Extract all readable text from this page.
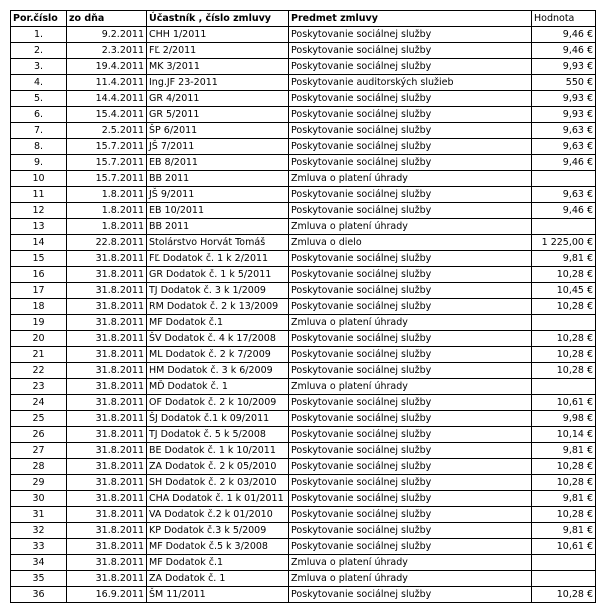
Por.číslo	zo dňa	Účastník , číslo zmluvy	Predmet zmluvy	Hodnota
1.	9.2.2011	CHH 1/2011	Poskytovanie sociálnej služby	9,46 €
2.	2.3.2011	FĽ 2/2011	Poskytovanie sociálnej služby	9,46 €
3.	19.4.2011	MK 3/2011	Poskytovanie sociálnej služby	9,93 €
4.	11.4.2011	Ing.JF 23-2011	Poskytovanie auditorských služieb	550 €
5.	14.4.2011	GR 4/2011	Poskytovanie sociálnej služby	9,93 €
6.	15.4.2011	GR 5/2011	Poskytovanie sociálnej služby	9,93 €
7.	2.5.2011	ŠP 6/2011	Poskytovanie sociálnej služby	9,63 €
8.	15.7.2011	JŠ 7/2011	Poskytovanie sociálnej služby	9,63 €
9.	15.7.2011	EB 8/2011	Poskytovanie sociálnej služby	9,46 €
10	15.7.2011	BB 2011	Zmluva o platení úhrady	
11	1.8.2011	JŠ 9/2011	Poskytovanie sociálnej služby	9,63 €
12	1.8.2011	EB 10/2011	Poskytovanie sociálnej služby	9,46 €
13	1.8.2011	BB 2011	Zmluva o platení úhrady	
14	22.8.2011	Stolárstvo Horvát Tomáš	Zmluva o dielo	1 225,00 €
15	31.8.2011	FĽ Dodatok č. 1 k 2/2011	Poskytovanie sociálnej služby	9,81 €
16	31.8.2011	GR Dodatok č. 1 k 5/2011	Poskytovanie sociálnej služby	10,28 €
17	31.8.2011	TJ Dodatok č. 3 k 1/2009	Poskytovanie sociálnej služby	10,45 €
18	31.8.2011	RM Dodatok č. 2 k 13/2009	Poskytovanie sociálnej služby	10,28 €
19	31.8.2011	MF Dodatok č.1	Zmluva o platení úhrady	
20	31.8.2011	ŠV Dodatok č. 4 k 17/2008	Poskytovanie sociálnej služby	10,28 €
21	31.8.2011	ML Dodatok č. 2 k 7/2009	Poskytovanie sociálnej služby	10,28 €
22	31.8.2011	HM Dodatok č. 3 k 6/2009	Poskytovanie sociálnej služby	10,28 €
23	31.8.2011	MĎ Dodatok č. 1	Zmluva o platení úhrady	
24	31.8.2011	OF Dodatok č. 2 k 10/2009	Poskytovanie sociálnej služby	10,61 €
25	31.8.2011	ŠJ Dodatok č.1 k 09/2011	Poskytovanie sociálnej služby	9,98 €
26	31.8.2011	TJ Dodatok č. 5 k 5/2008	Poskytovanie sociálnej služby	10,14 €
27	31.8.2011	BE Dodatok č. 1 k 10/2011	Poskytovanie sociálnej služby	9,81 €
28	31.8.2011	ZA Dodatok č. 2 k 05/2010	Poskytovanie sociálnej služby	10,28 €
29	31.8.2011	SH Dodatok č. 2 k 03/2010	Poskytovanie sociálnej služby	10,28 €
30	31.8.2011	CHA Dodatok č. 1 k 01/2011	Poskytovanie sociálnej služby	9,81 €
31	31.8.2011	VA Dodatok č.2 k 01/2010	Poskytovanie sociálnej služby	10,28 €
32	31.8.2011	KP Dodatok č.3 k 5/2009	Poskytovanie sociálnej služby	9,81 €
33	31.8.2011	MF Dodatok č.5 k 3/2008	Poskytovanie sociálnej služby	10,61 €
34	31.8.2011	MF Dodatok č.1	Zmluva o platení úhrady	
35	31.8.2011	ZA Dodatok č. 1	Zmluva o platení úhrady	
36	16.9.2011	ŠM 11/2011	Poskytovanie sociálnej služby	10,28 €
